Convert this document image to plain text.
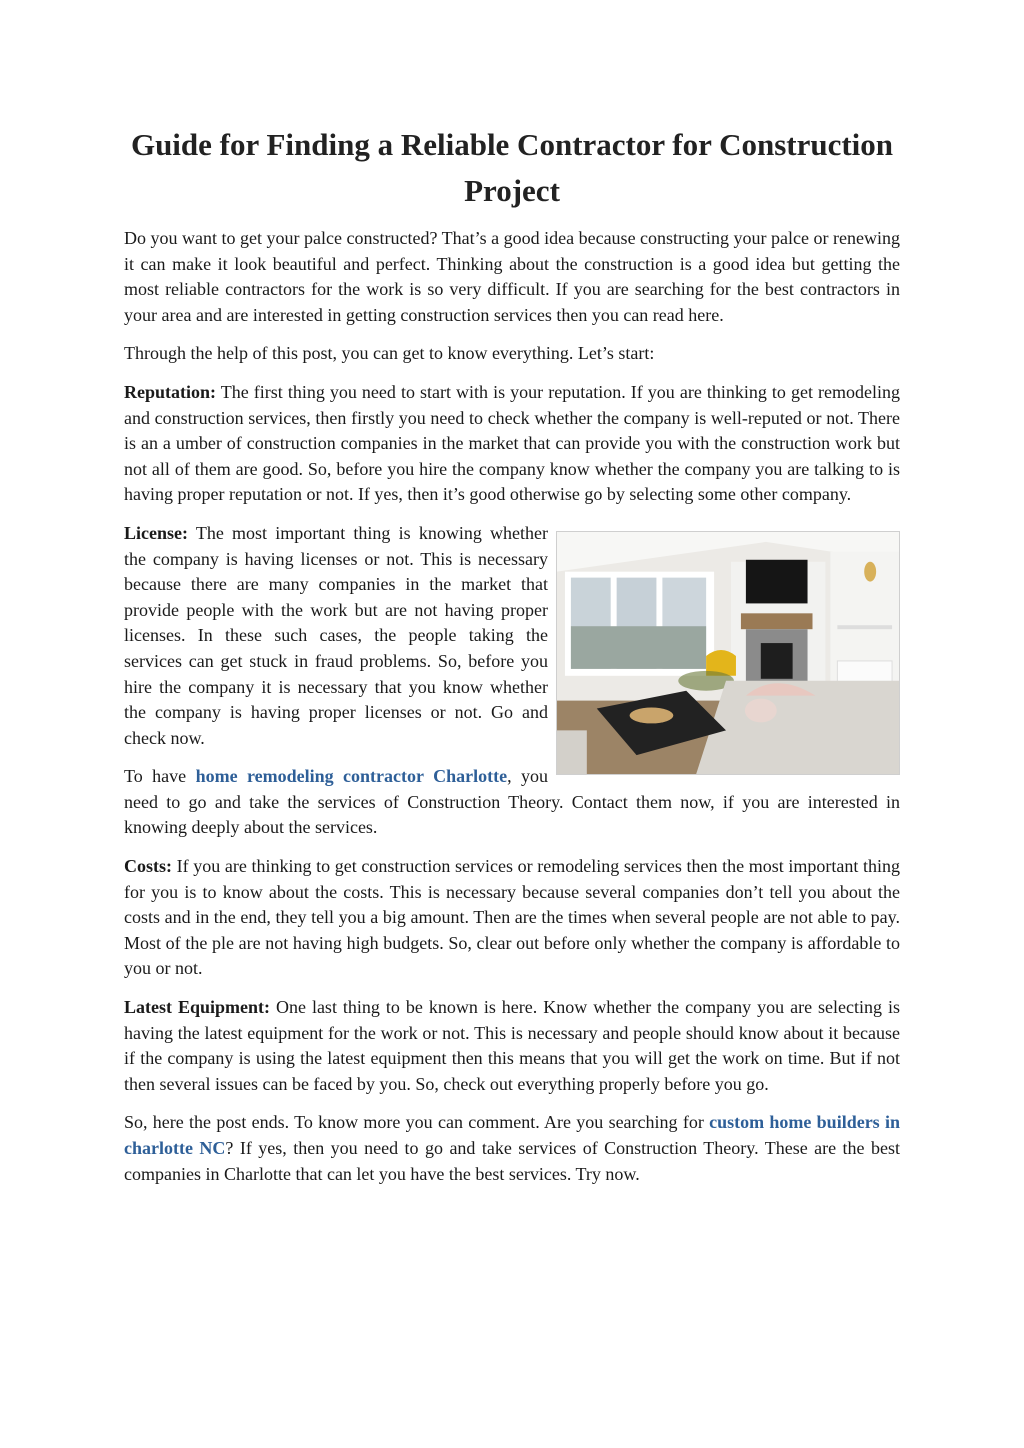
Guide for Finding a Reliable Contractor for Construction Project

Do you want to get your palce constructed? That’s a good idea because constructing your palce or renewing it can make it look beautiful and perfect. Thinking about the construction is a good idea but getting the most reliable contractors for the work is so very difficult. If you are searching for the best contractors in your area and are interested in getting construction services then you can read here.

Through the help of this post, you can get to know everything. Let’s start:

Reputation: The first thing you need to start with is your reputation. If you are thinking to get remodeling and construction services, then firstly you need to check whether the company is well-reputed or not. There is an a umber of construction companies in the market that can provide you with the construction work but not all of them are good. So, before you hire the company know whether the company you are talking to is having proper reputation or not. If yes, then it’s good otherwise go by selecting some other company.

License: The most important thing is knowing whether the company is having licenses or not. This is necessary because there are many companies in the market that provide people with the work but are not having proper licenses. In these such cases, the people taking the services can get stuck in fraud problems. So, before you hire the company it is necessary that you know whether the company is having proper licenses or not. Go and check now.

To have home remodeling contractor Charlotte, you need to go and take the services of Construction Theory. Contact them now, if you are interested in knowing deeply about the services.

Costs: If you are thinking to get construction services or remodeling services then the most important thing for you is to know about the costs. This is necessary because several companies don’t tell you about the costs and in the end, they tell you a big amount. Then are the times when several people are not able to pay. Most of the ple are not having high budgets. So, clear out before only whether the company is affordable to you or not.

Latest Equipment: One last thing to be known is here. Know whether the company you are selecting is having the latest equipment for the work or not. This is necessary and people should know about it because if the company is using the latest equipment then this means that you will get the work on time. But if not then several issues can be faced by you. So, check out everything properly before you go.

So, here the post ends. To know more you can comment. Are you searching for custom home builders in charlotte NC? If yes, then you need to go and take services of Construction Theory. These are the best companies in Charlotte that can let you have the best services. Try now.
